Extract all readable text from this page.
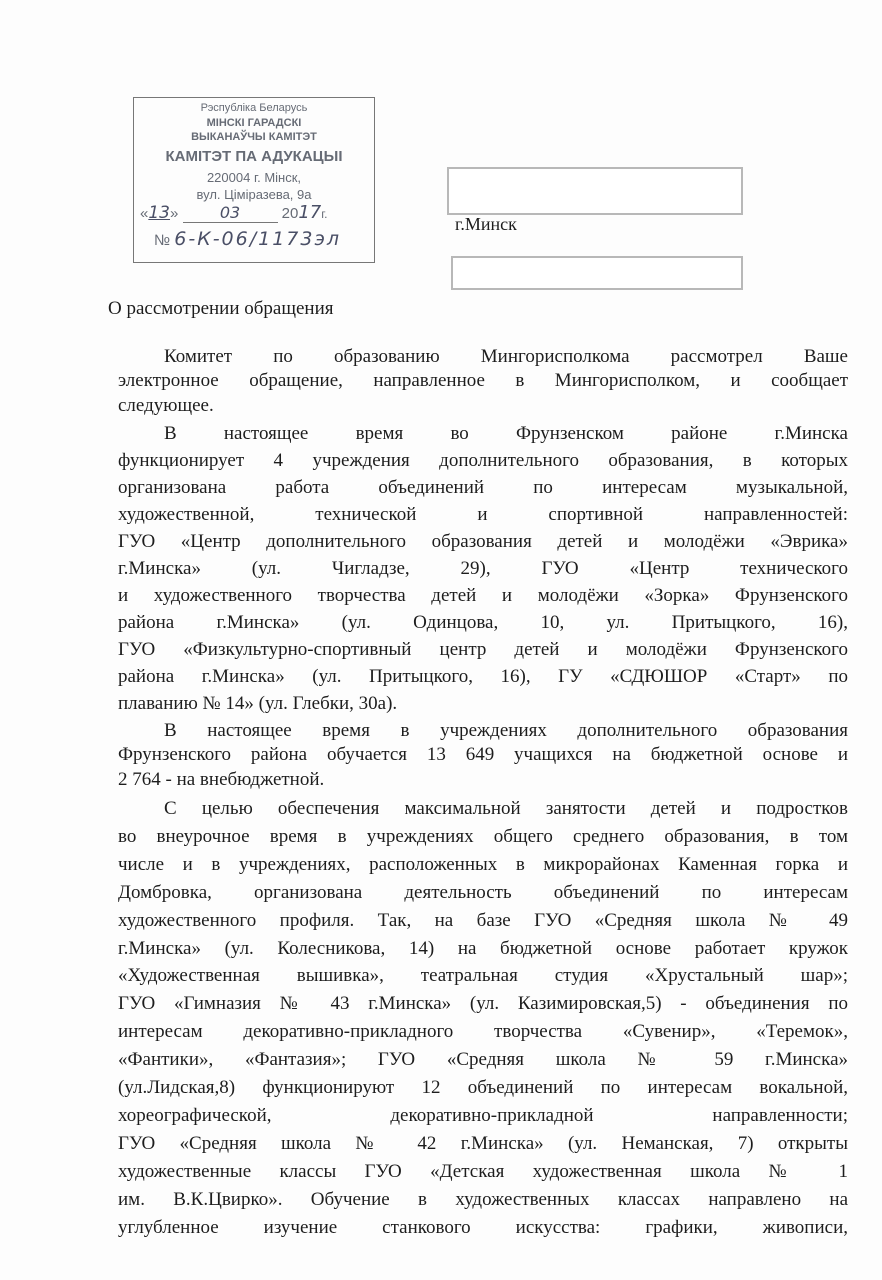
Рэспубліка Беларусь
МІНСКІ ГАРАДСКІ
ВЫКАНАЎЧЫ КАМІТЭТ
КАМІТЭТ ПА АДУКАЦЫІ
220004 г. Мінск,
вул. Ціміразева, 9а
«13»	03	2017г.
№ 6-К-06/1173эл
г.Минск
О рассмотрении обращения
Комитет по образованию Мингорисполкома рассмотрел Ваше
электронное обращение, направленное в Мингорисполком, и сообщает
следующее.
В настоящее время во Фрунзенском районе г.Минска
функционирует 4 учреждения дополнительного образования, в которых
организована работа объединений по интересам музыкальной,
художественной, технической и спортивной направленностей:
ГУО «Центр дополнительного образования детей и молодёжи «Эврика»
г.Минска» (ул. Чигладзе, 29), ГУО «Центр технического
и художественного творчества детей и молодёжи «Зорка» Фрунзенского
района г.Минска» (ул. Одинцова, 10, ул. Притыцкого, 16),
ГУО «Физкультурно-спортивный центр детей и молодёжи Фрунзенского
района г.Минска» (ул. Притыцкого, 16), ГУ «СДЮШОР «Старт» по
плаванию № 14» (ул. Глебки, 30а).
В настоящее время в учреждениях дополнительного образования
Фрунзенского района обучается 13 649 учащихся на бюджетной основе и
2 764 - на внебюджетной.
С целью обеспечения максимальной занятости детей и подростков
во внеурочное время в учреждениях общего среднего образования, в том
числе и в учреждениях, расположенных в микрорайонах Каменная горка и
Домбровка, организована деятельность объединений по интересам
художественного профиля. Так, на базе ГУО «Средняя школа № 49
г.Минска» (ул. Колесникова, 14) на бюджетной основе работает кружок
«Художественная вышивка», театральная студия «Хрустальный шар»;
ГУО «Гимназия № 43 г.Минска» (ул. Казимировская,5) - объединения по
интересам декоративно-прикладного творчества «Сувенир», «Теремок»,
«Фантики», «Фантазия»; ГУО «Средняя школа № 59 г.Минска»
(ул.Лидская,8) функционируют 12 объединений по интересам вокальной,
хореографической, декоративно-прикладной направленности;
ГУО «Средняя школа № 42 г.Минска» (ул. Неманская, 7) открыты
художественные классы ГУО «Детская художественная школа № 1
им. В.К.Цвирко». Обучение в художественных классах направлено на
углубленное изучение станкового искусства: графики, живописи,
